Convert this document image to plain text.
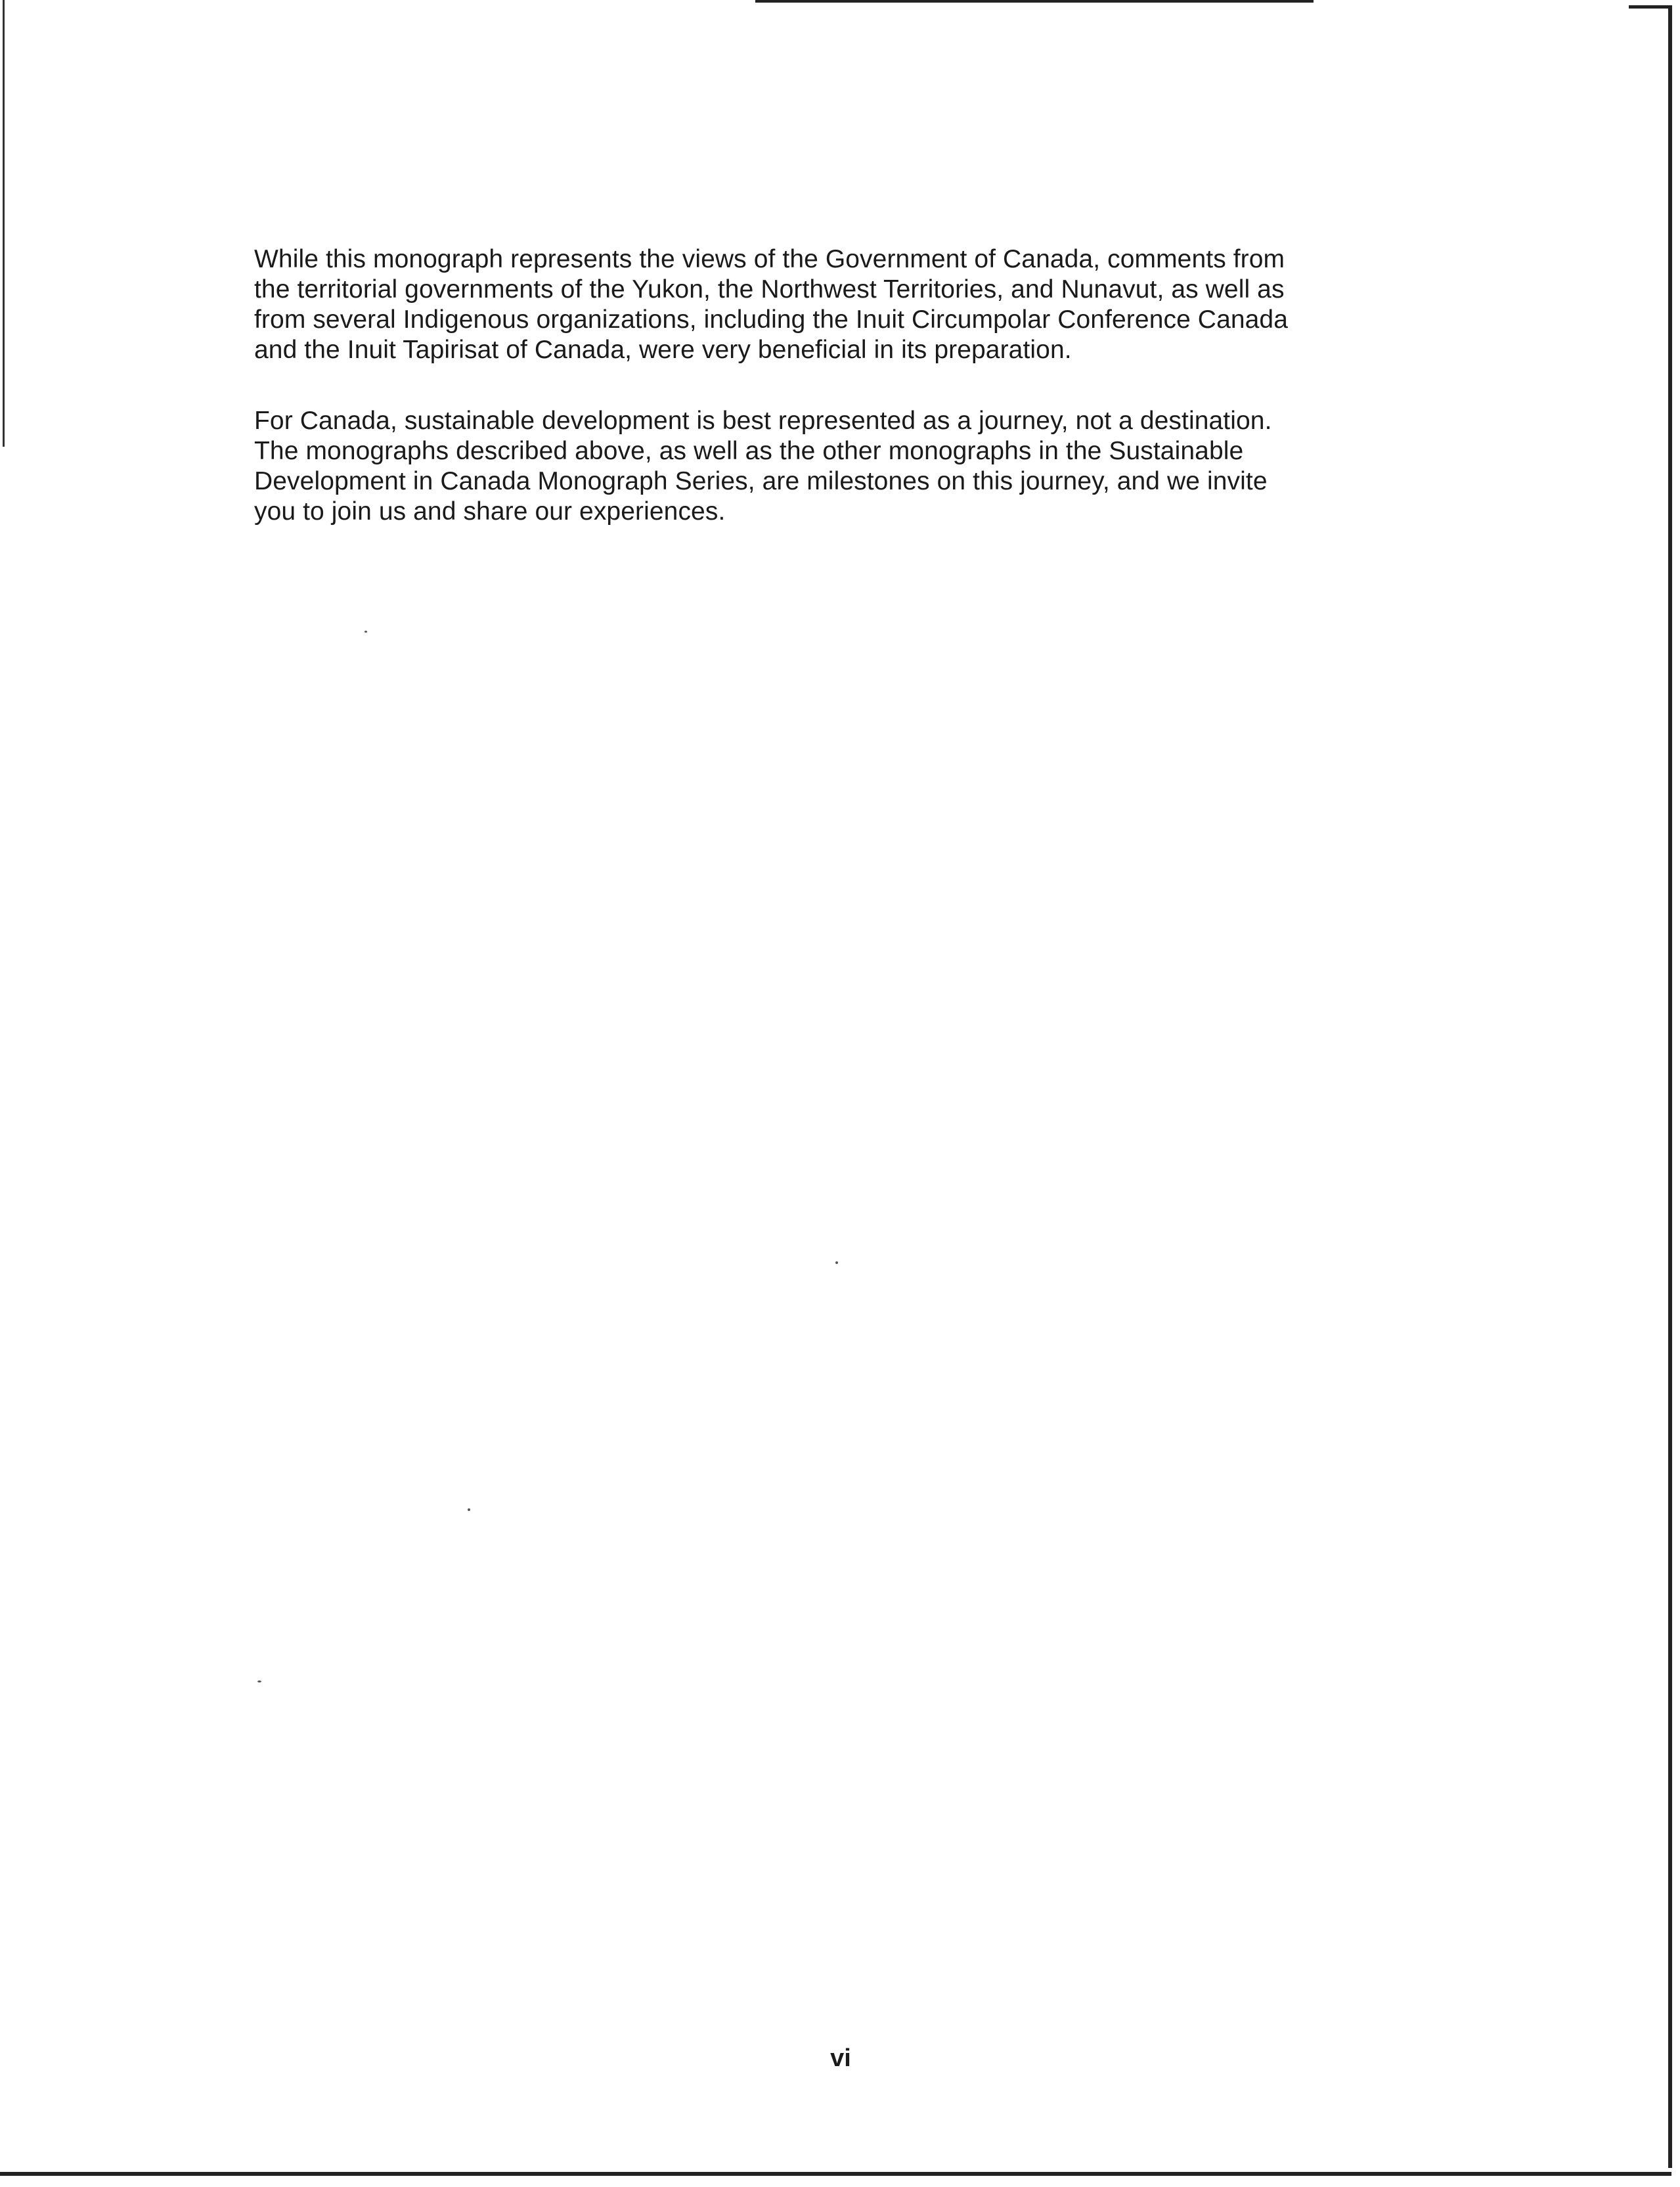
While this monograph represents the views of the Government of Canada, comments from
the territorial governments of the Yukon, the Northwest Territories, and Nunavut, as well as
from several Indigenous organizations, including the Inuit Circumpolar Conference Canada
and the Inuit Tapirisat of Canada, were very beneficial in its preparation.

For Canada, sustainable development is best represented as a journey, not a destination.
The monographs described above, as well as the other monographs in the Sustainable
Development in Canada Monograph Series, are milestones on this journey, and we invite
you to join us and share our experiences.

vi
